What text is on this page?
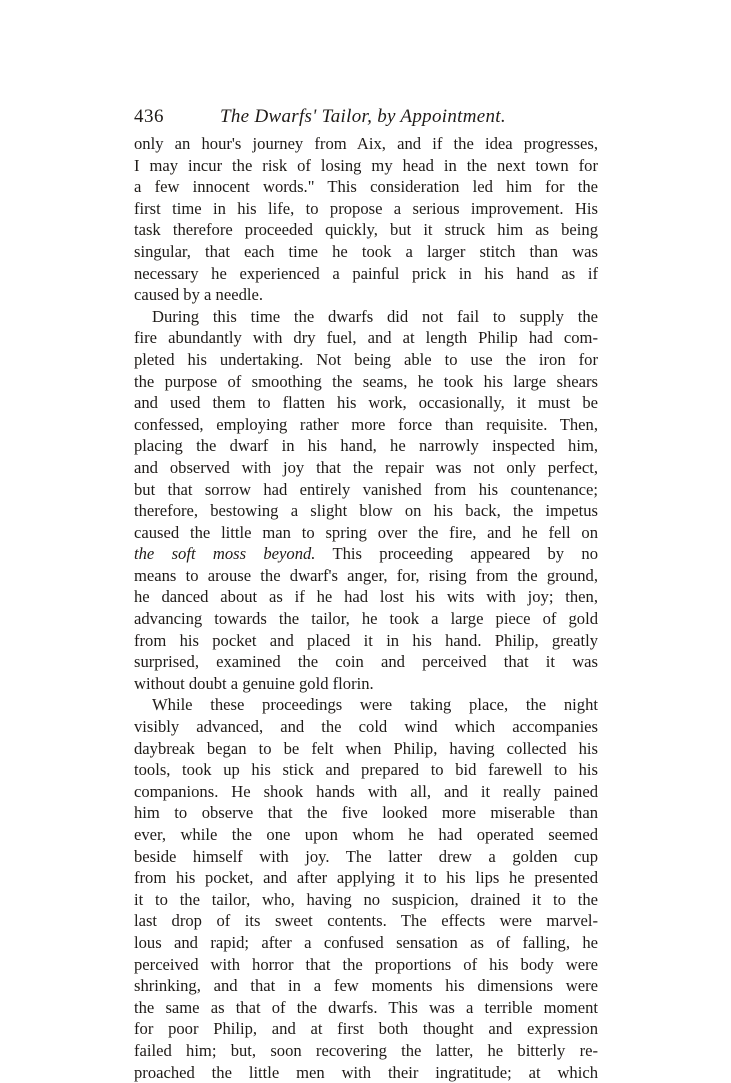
436	The Dwarfs' Tailor, by Appointment.
only an hour's journey from Aix, and if the idea progresses,
I may incur the risk of losing my head in the next town for
a few innocent words." This consideration led him for the
first time in his life, to propose a serious improvement. His
task therefore proceeded quickly, but it struck him as being
singular, that each time he took a larger stitch than was
necessary he experienced a painful prick in his hand as if
caused by a needle.
During this time the dwarfs did not fail to supply the
fire abundantly with dry fuel, and at length Philip had com-
pleted his undertaking. Not being able to use the iron for
the purpose of smoothing the seams, he took his large shears
and used them to flatten his work, occasionally, it must be
confessed, employing rather more force than requisite. Then,
placing the dwarf in his hand, he narrowly inspected him,
and observed with joy that the repair was not only perfect,
but that sorrow had entirely vanished from his countenance;
therefore, bestowing a slight blow on his back, the impetus
caused the little man to spring over the fire, and he fell on
the soft moss beyond. This proceeding appeared by no
means to arouse the dwarf's anger, for, rising from the ground,
he danced about as if he had lost his wits with joy; then,
advancing towards the tailor, he took a large piece of gold
from his pocket and placed it in his hand. Philip, greatly
surprised, examined the coin and perceived that it was
without doubt a genuine gold florin.
While these proceedings were taking place, the night
visibly advanced, and the cold wind which accompanies
daybreak began to be felt when Philip, having collected his
tools, took up his stick and prepared to bid farewell to his
companions. He shook hands with all, and it really pained
him to observe that the five looked more miserable than
ever, while the one upon whom he had operated seemed
beside himself with joy. The latter drew a golden cup
from his pocket, and after applying it to his lips he presented
it to the tailor, who, having no suspicion, drained it to the
last drop of its sweet contents. The effects were marvel-
lous and rapid; after a confused sensation as of falling, he
perceived with horror that the proportions of his body were
shrinking, and that in a few moments his dimensions were
the same as that of the dwarfs. This was a terrible moment
for poor Philip, and at first both thought and expression
failed him; but, soon recovering the latter, he bitterly re-
proached the little men with their ingratitude; at which
